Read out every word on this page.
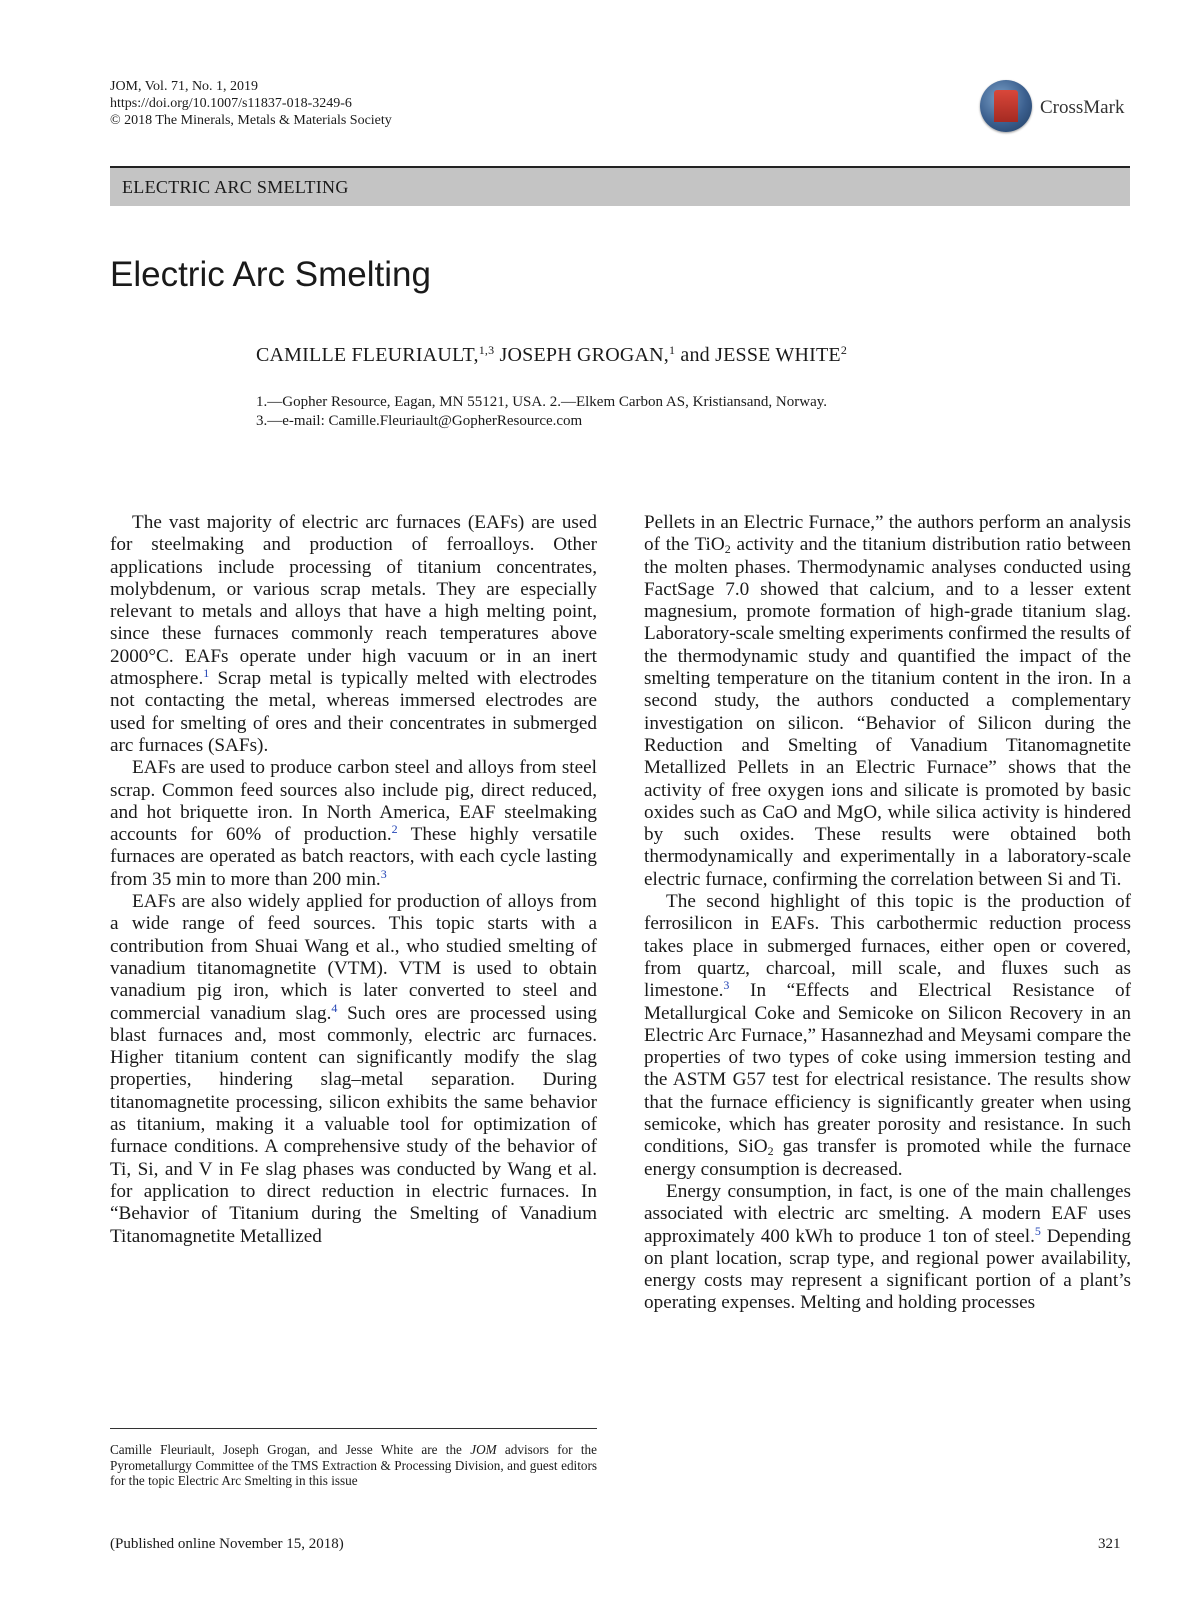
JOM, Vol. 71, No. 1, 2019
https://doi.org/10.1007/s11837-018-3249-6
© 2018 The Minerals, Metals & Materials Society
CrossMark
ELECTRIC ARC SMELTING
Electric Arc Smelting
CAMILLE FLEURIAULT,$^{1,3}$ JOSEPH GROGAN,$^1$ and JESSE WHITE$^2$
1.—Gopher Resource, Eagan, MN 55121, USA. 2.—Elkem Carbon AS, Kristiansand, Norway.
3.—e-mail: Camille.Fleuriault@GopherResource.com

The vast majority of electric arc furnaces (EAFs) are used for steelmaking and production of ferroalloys. Other applications include processing of titanium concentrates, molybdenum, or various scrap metals. They are especially relevant to metals and alloys that have a high melting point, since these furnaces commonly reach temperatures above 2000°C. EAFs operate under high vacuum or in an inert atmosphere.$^1$ Scrap metal is typically melted with electrodes not contacting the metal, whereas immersed electrodes are used for smelting of ores and their concentrates in submerged arc furnaces (SAFs).

EAFs are used to produce carbon steel and alloys from steel scrap. Common feed sources also include pig, direct reduced, and hot briquette iron. In North America, EAF steelmaking accounts for 60% of production.$^2$ These highly versatile furnaces are operated as batch reactors, with each cycle lasting from 35 min to more than 200 min.$^3$

EAFs are also widely applied for production of alloys from a wide range of feed sources. This topic starts with a contribution from Shuai Wang et al., who studied smelting of vanadium titanomagnetite (VTM). VTM is used to obtain vanadium pig iron, which is later converted to steel and commercial vanadium slag.$^4$ Such ores are processed using blast furnaces and, most commonly, electric arc furnaces. Higher titanium content can significantly modify the slag properties, hindering slag–metal separation. During titanomagnetite processing, silicon exhibits the same behavior as titanium, making it a valuable tool for optimization of furnace conditions. A comprehensive study of the behavior of Ti, Si, and V in Fe slag phases was conducted by Wang et al. for application to direct reduction in electric furnaces. In “Behavior of Titanium during the Smelting of Vanadium Titanomagnetite Metallized

Pellets in an Electric Furnace,” the authors perform an analysis of the TiO$_2$ activity and the titanium distribution ratio between the molten phases. Thermodynamic analyses conducted using FactSage 7.0 showed that calcium, and to a lesser extent magnesium, promote formation of high-grade titanium slag. Laboratory-scale smelting experiments confirmed the results of the thermodynamic study and quantified the impact of the smelting temperature on the titanium content in the iron. In a second study, the authors conducted a complementary investigation on silicon. “Behavior of Silicon during the Reduction and Smelting of Vanadium Titanomagnetite Metallized Pellets in an Electric Furnace” shows that the activity of free oxygen ions and silicate is promoted by basic oxides such as CaO and MgO, while silica activity is hindered by such oxides. These results were obtained both thermodynamically and experimentally in a laboratory-scale electric furnace, confirming the correlation between Si and Ti.

The second highlight of this topic is the production of ferrosilicon in EAFs. This carbothermic reduction process takes place in submerged furnaces, either open or covered, from quartz, charcoal, mill scale, and fluxes such as limestone.$^3$ In “Effects and Electrical Resistance of Metallurgical Coke and Semicoke on Silicon Recovery in an Electric Arc Furnace,” Hasannezhad and Meysami compare the properties of two types of coke using immersion testing and the ASTM G57 test for electrical resistance. The results show that the furnace efficiency is significantly greater when using semicoke, which has greater porosity and resistance. In such conditions, SiO$_2$ gas transfer is promoted while the furnace energy consumption is decreased.

Energy consumption, in fact, is one of the main challenges associated with electric arc smelting. A modern EAF uses approximately 400 kWh to produce 1 ton of steel.$^5$ Depending on plant location, scrap type, and regional power availability, energy costs may represent a significant portion of a plant’s operating expenses. Melting and holding processes

Camille Fleuriault, Joseph Grogan, and Jesse White are the JOM advisors for the Pyrometallurgy Committee of the TMS Extraction & Processing Division, and guest editors for the topic Electric Arc Smelting in this issue
(Published online November 15, 2018)	321
